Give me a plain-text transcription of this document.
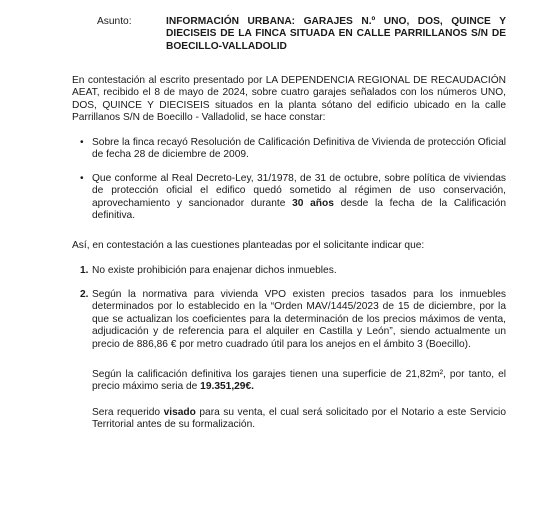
Asunto:	INFORMACIÓN URBANA: GARAJES N.º UNO, DOS, QUINCE Y DIECISEIS DE LA FINCA SITUADA EN CALLE PARRILLANOS S/N DE BOECILLO-VALLADOLID
En contestación al escrito presentado por LA DEPENDENCIA REGIONAL DE RECAUDACIÓN AEAT, recibido el 8 de mayo de 2024, sobre cuatro garajes señalados con los números UNO, DOS, QUINCE Y DIECISEIS situados en la planta sótano del edificio ubicado en la calle Parrillanos S/N de Boecillo - Valladolid, se hace constar:
• Sobre la finca recayó Resolución de Calificación Definitiva de Vivienda de protección Oficial de fecha 28 de diciembre de 2009.
• Que conforme al Real Decreto-Ley, 31/1978, de 31 de octubre, sobre política de viviendas de protección oficial el edifico quedó sometido al régimen de uso conservación, aprovechamiento y sancionador durante 30 años desde la fecha de la Calificación definitiva.
Así, en contestación a las cuestiones planteadas por el solicitante indicar que:
1. No existe prohibición para enajenar dichos inmuebles.
2. Según la normativa para vivienda VPO existen precios tasados para los inmuebles determinados por lo establecido en la “Orden MAV/1445/2023 de 15 de diciembre, por la que se actualizan los coeficientes para la determinación de los precios máximos de venta, adjudicación y de referencia para el alquiler en Castilla y León”, siendo actualmente un precio de 886,86 € por metro cuadrado útil para los anejos en el ámbito 3 (Boecillo).
Según la calificación definitiva los garajes tienen una superficie de 21,82m², por tanto, el precio máximo seria de 19.351,29€.
Sera requerido visado para su venta, el cual será solicitado por el Notario a este Servicio Territorial antes de su formalización.
